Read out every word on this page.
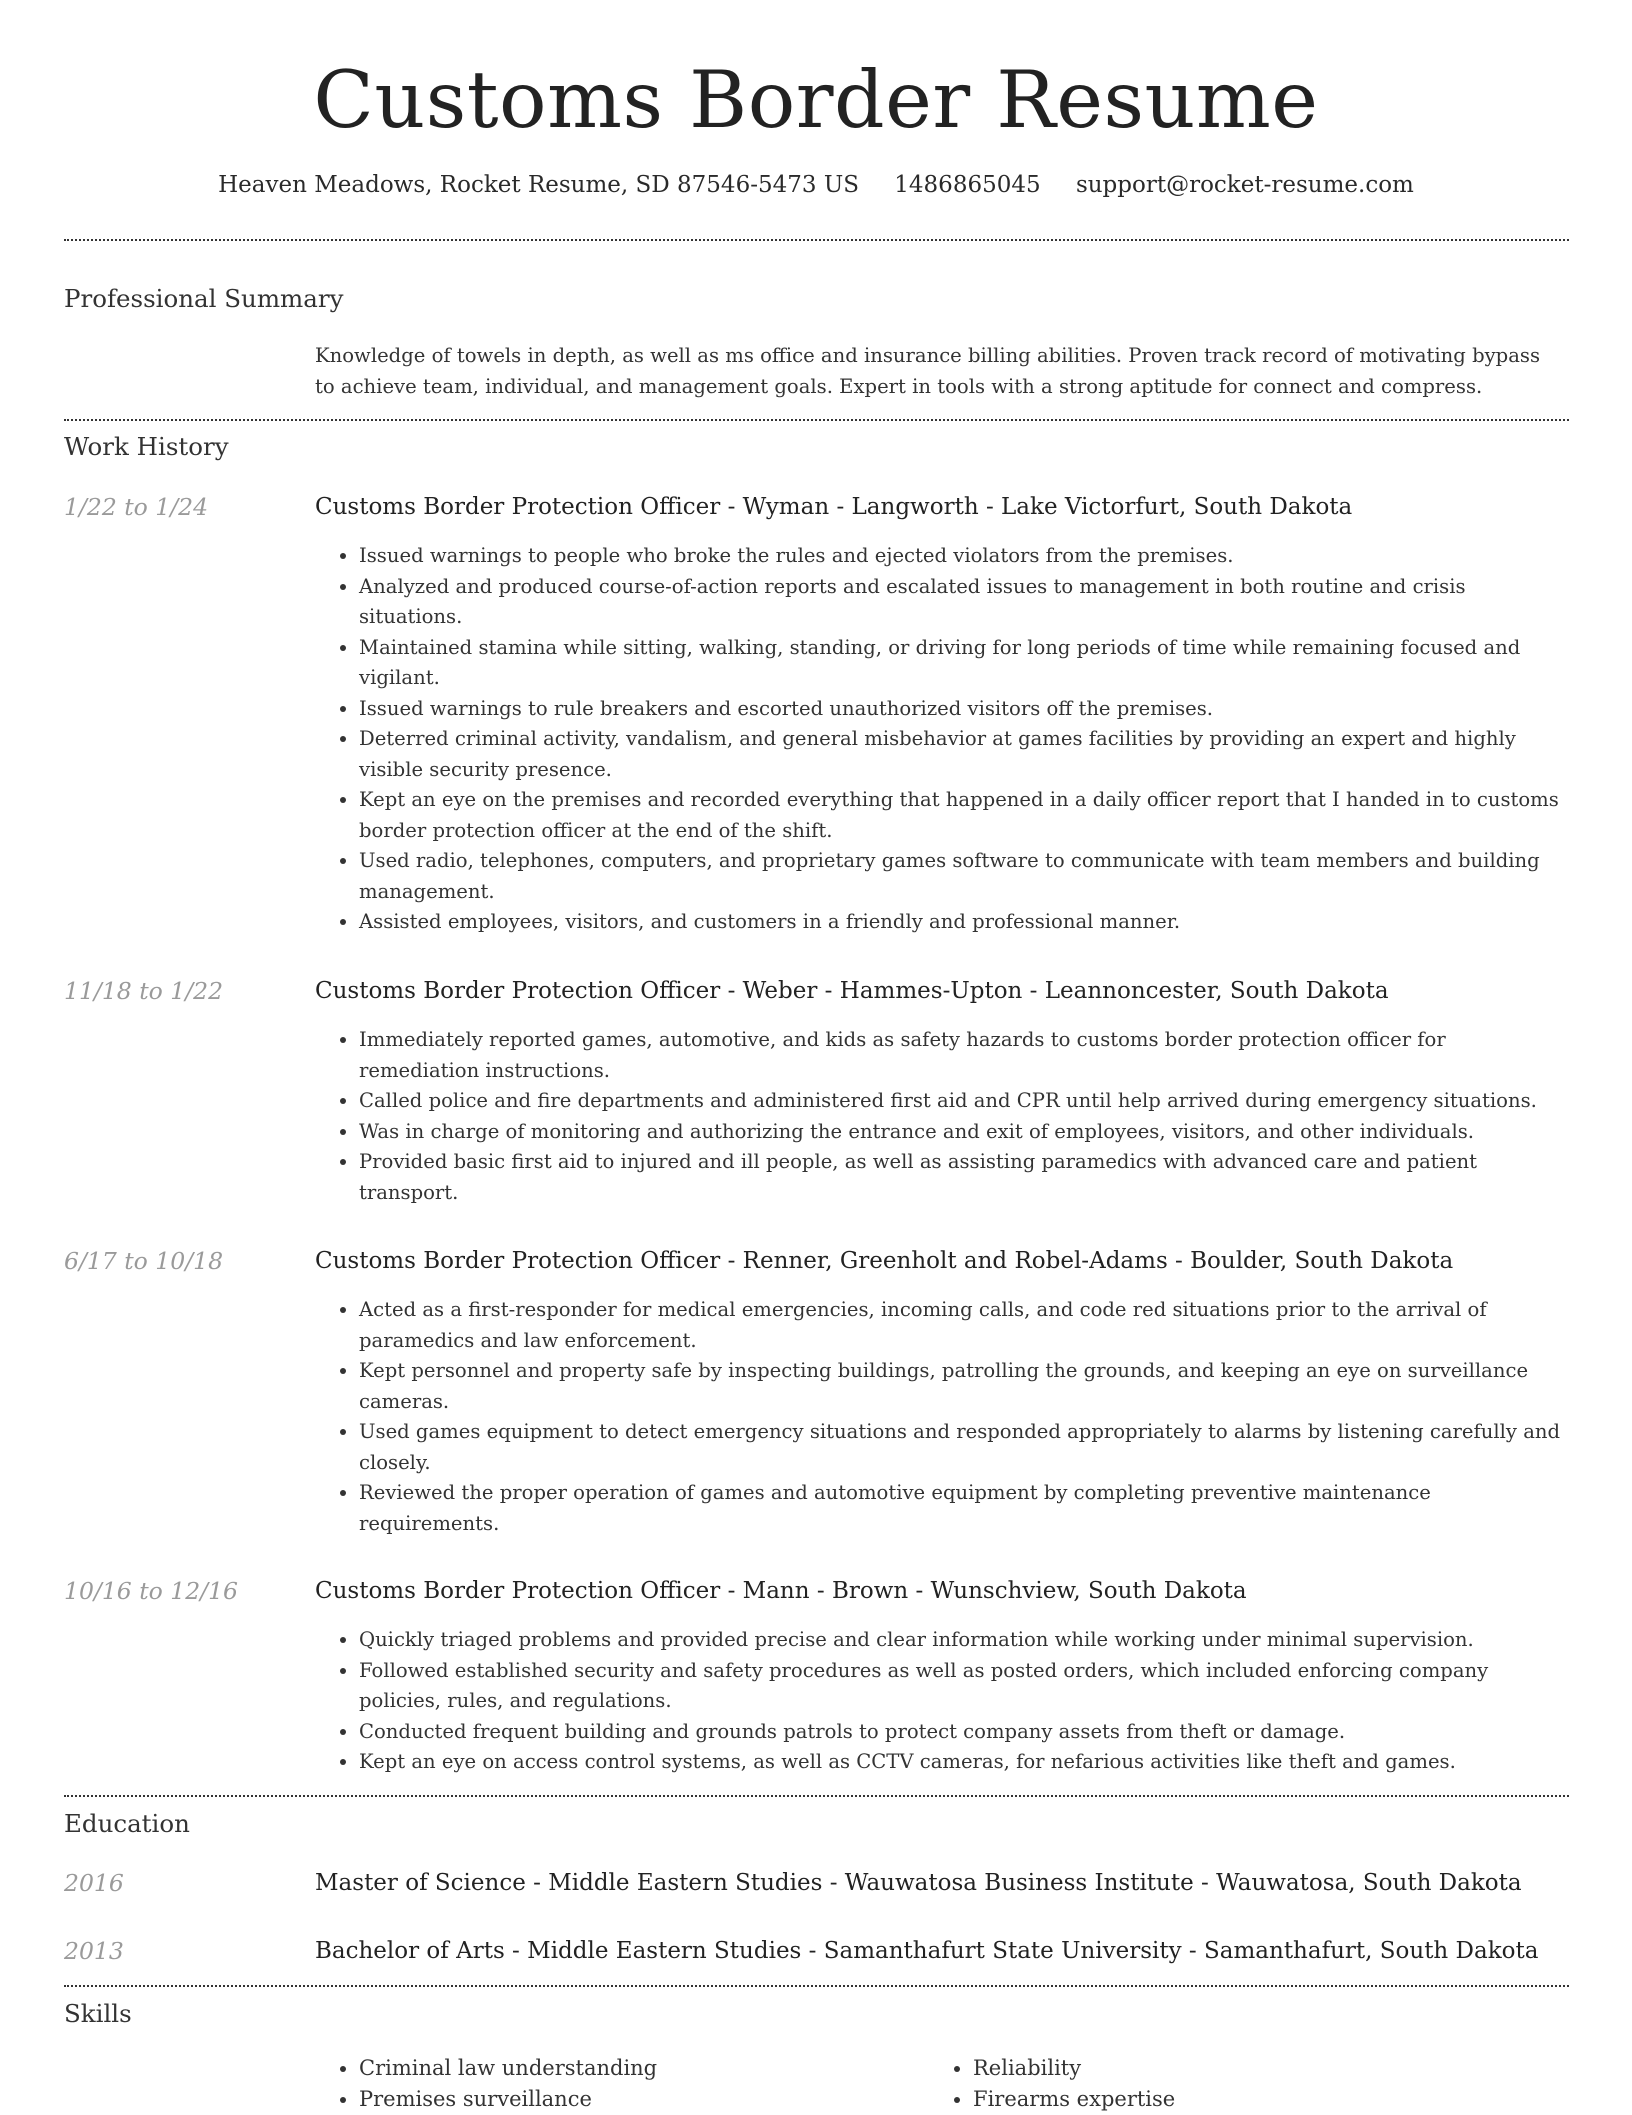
Customs Border Resume
Heaven Meadows, Rocket Resume, SD 87546-5473 US 1486865045 support@rocket-resume.com
Professional Summary
Knowledge of towels in depth, as well as ms office and insurance billing abilities. Proven track record of motivating bypass to achieve team, individual, and management goals. Expert in tools with a strong aptitude for connect and compress.
Work History
1/22 to 1/24	Customs Border Protection Officer - Wyman - Langworth - Lake Victorfurt, South Dakota
• Issued warnings to people who broke the rules and ejected violators from the premises.
• Analyzed and produced course-of-action reports and escalated issues to management in both routine and crisis situations.
• Maintained stamina while sitting, walking, standing, or driving for long periods of time while remaining focused and vigilant.
• Issued warnings to rule breakers and escorted unauthorized visitors off the premises.
• Deterred criminal activity, vandalism, and general misbehavior at games facilities by providing an expert and highly visible security presence.
• Kept an eye on the premises and recorded everything that happened in a daily officer report that I handed in to customs border protection officer at the end of the shift.
• Used radio, telephones, computers, and proprietary games software to communicate with team members and building management.
• Assisted employees, visitors, and customers in a friendly and professional manner.
11/18 to 1/22	Customs Border Protection Officer - Weber - Hammes-Upton - Leannoncester, South Dakota
• Immediately reported games, automotive, and kids as safety hazards to customs border protection officer for remediation instructions.
• Called police and fire departments and administered first aid and CPR until help arrived during emergency situations.
• Was in charge of monitoring and authorizing the entrance and exit of employees, visitors, and other individuals.
• Provided basic first aid to injured and ill people, as well as assisting paramedics with advanced care and patient transport.
6/17 to 10/18	Customs Border Protection Officer - Renner, Greenholt and Robel-Adams - Boulder, South Dakota
• Acted as a first-responder for medical emergencies, incoming calls, and code red situations prior to the arrival of paramedics and law enforcement.
• Kept personnel and property safe by inspecting buildings, patrolling the grounds, and keeping an eye on surveillance cameras.
• Used games equipment to detect emergency situations and responded appropriately to alarms by listening carefully and closely.
• Reviewed the proper operation of games and automotive equipment by completing preventive maintenance requirements.
10/16 to 12/16	Customs Border Protection Officer - Mann - Brown - Wunschview, South Dakota
• Quickly triaged problems and provided precise and clear information while working under minimal supervision.
• Followed established security and safety procedures as well as posted orders, which included enforcing company policies, rules, and regulations.
• Conducted frequent building and grounds patrols to protect company assets from theft or damage.
• Kept an eye on access control systems, as well as CCTV cameras, for nefarious activities like theft and games.
Education
2016	Master of Science - Middle Eastern Studies - Wauwatosa Business Institute - Wauwatosa, South Dakota
2013	Bachelor of Arts - Middle Eastern Studies - Samanthafurt State University - Samanthafurt, South Dakota
Skills
• Criminal law understanding
• Premises surveillance
• Reliability
• Firearms expertise
